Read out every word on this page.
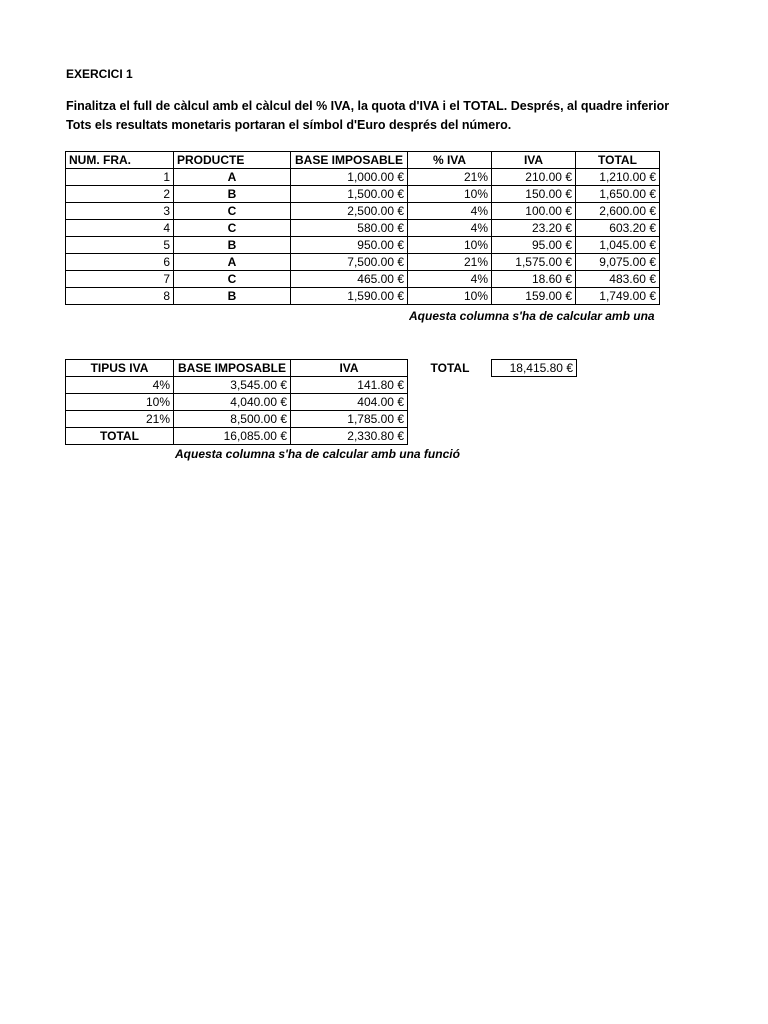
EXERCICI 1
Finalitza el full de càlcul amb el càlcul del % IVA, la quota d'IVA i el TOTAL. Després, al quadre inferior
Tots els resultats monetaris portaran el símbol d'Euro després del número.
NUM. FRA.	PRODUCTE	BASE IMPOSABLE	% IVA	IVA	TOTAL
1	A	1,000.00 €	21%	210.00 €	1,210.00 €
2	B	1,500.00 €	10%	150.00 €	1,650.00 €
3	C	2,500.00 €	4%	100.00 €	2,600.00 €
4	C	580.00 €	4%	23.20 €	603.20 €
5	B	950.00 €	10%	95.00 €	1,045.00 €
6	A	7,500.00 €	21%	1,575.00 €	9,075.00 €
7	C	465.00 €	4%	18.60 €	483.60 €
8	B	1,590.00 €	10%	159.00 €	1,749.00 €
Aquesta columna s'ha de calcular amb una
TIPUS IVA	BASE IMPOSABLE	IVA
4%	3,545.00 €	141.80 €
10%	4,040.00 €	404.00 €
21%	8,500.00 €	1,785.00 €
TOTAL	16,085.00 €	2,330.80 €
TOTAL	18,415.80 €
Aquesta columna s'ha de calcular amb una funció
